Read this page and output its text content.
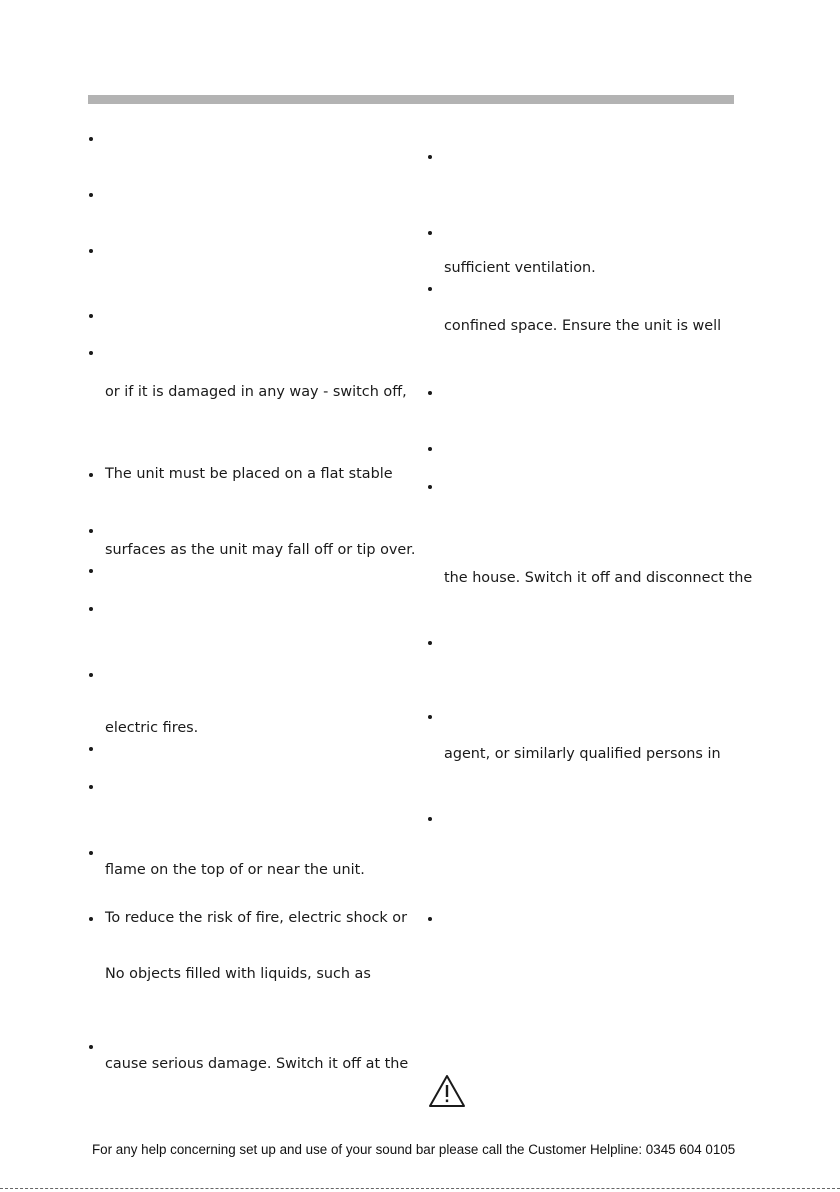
or if it is damaged in any way - switch off,
The unit must be placed on a flat stable
surfaces as the unit may fall off or tip over.
electric fires.
flame on the top of or near the unit.
To reduce the risk of fire, electric shock or
No objects filled with liquids, such as
cause serious damage. Switch it off at the
sufficient ventilation.
confined space. Ensure the unit is well
the house. Switch it off and disconnect the
agent, or similarly qualified persons in
For any help concerning set up and use of your sound bar please call the Customer Helpline: 0345 604 0105
